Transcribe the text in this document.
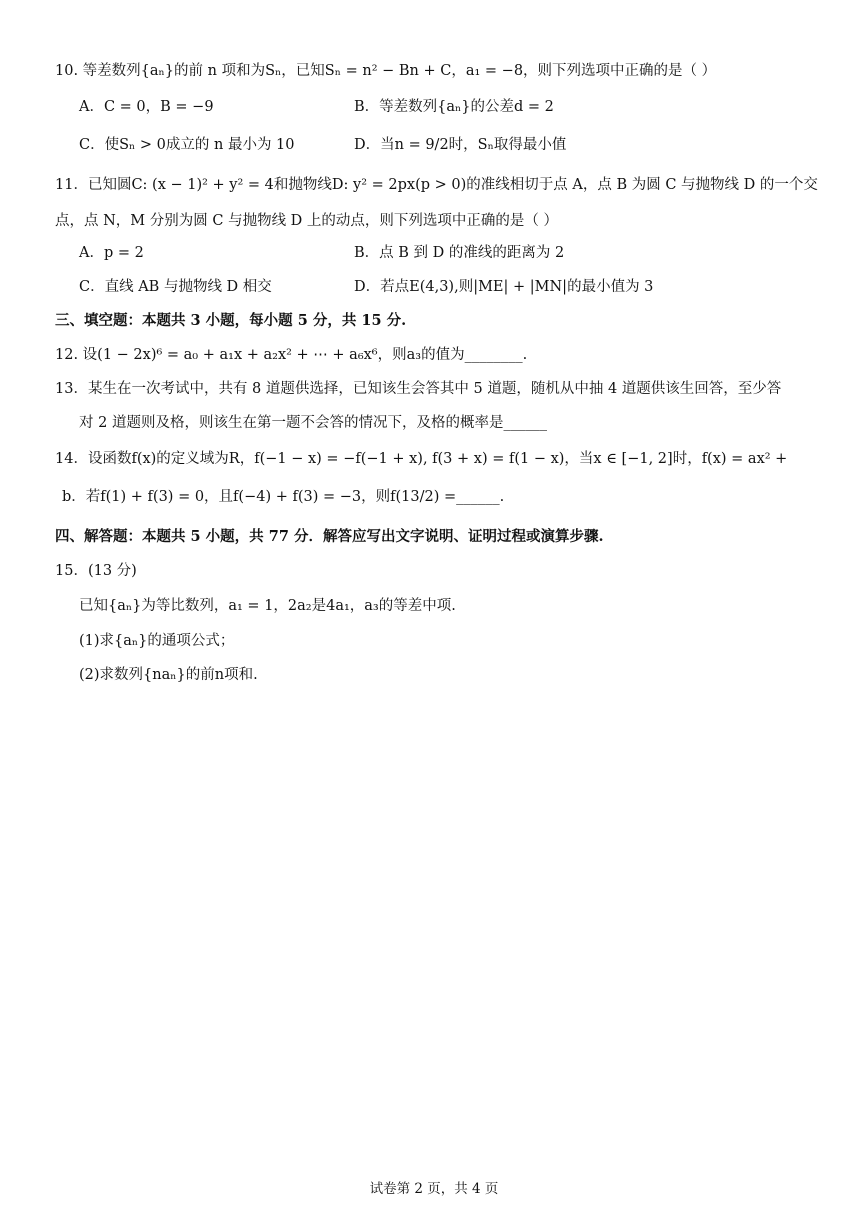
10. 等差数列{aₙ}的前 n 项和为Sₙ，已知Sₙ = n² − Bn + C，a₁ = −8，则下列选项中正确的是（ ）
A．C = 0，B = −9	B．等差数列{aₙ}的公差d = 2
C．使Sₙ > 0成立的 n 最小为 10	D．当n = 9/2时，Sₙ取得最小值
11．已知圆C: (x − 1)² + y² = 4和抛物线D: y² = 2px(p > 0)的准线相切于点 A，点 B 为圆 C 与抛物线 D 的一个交
点，点 N，M 分别为圆 C 与抛物线 D 上的动点，则下列选项中正确的是（ ）
A．p = 2	B．点 B 到 D 的准线的距离为 2
C．直线 AB 与抛物线 D 相交	D．若点E(4,3),则|ME| + |MN|的最小值为 3
三、填空题：本题共 3 小题，每小题 5 分，共 15 分.
12. 设(1 − 2x)⁶ = a₀ + a₁x + a₂x² + ⋯ + a₆x⁶，则a₃的值为________.
13．某生在一次考试中，共有 8 道题供选择，已知该生会答其中 5 道题，随机从中抽 4 道题供该生回答，至少答
对 2 道题则及格，则该生在第一题不会答的情况下，及格的概率是______
14．设函数f(x)的定义域为R，f(−1 − x) = −f(−1 + x), f(3 + x) = f(1 − x)，当x ∈ [−1, 2]时，f(x) = ax² +
b．若f(1) + f(3) = 0，且f(−4) + f(3) = −3，则f(13/2) =______.
四、解答题：本题共 5 小题，共 77 分．解答应写出文字说明、证明过程或演算步骤.
15．(13 分)
已知{aₙ}为等比数列，a₁ = 1，2a₂是4a₁，a₃的等差中项.
(1)求{aₙ}的通项公式；
(2)求数列{naₙ}的前n项和.
试卷第 2 页，共 4 页
